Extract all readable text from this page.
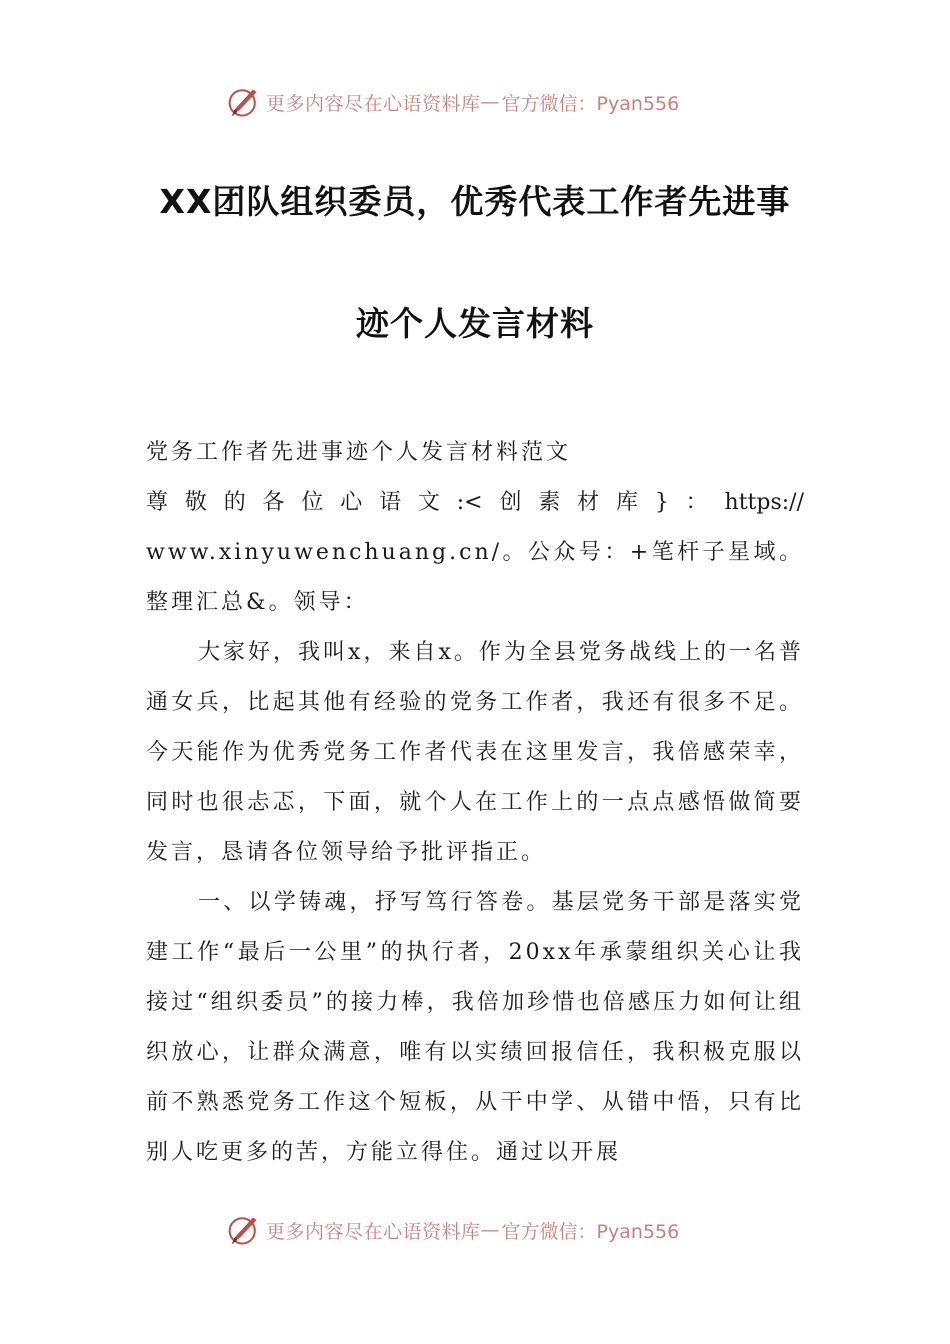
更多内容尽在心语资料库 — 官方微信：Pyan556
XX团队组织委员，优秀代表工作者先进事
迹个人发言材料

党务工作者先进事迹个人发言材料范文

尊敬的各位心语文:<创素材库}：https://

www.xinyuwenchuang.cn/。公众号：+笔杆子星域。整理汇总&。领导：

大家好，我叫x，来自x。作为全县党务战线上的一名普通女兵，比起其他有经验的党务工作者，我还有很多不足。今天能作为优秀党务工作者代表在这里发言，我倍感荣幸，同时也很忐忑，下面，就个人在工作上的一点点感悟做简要发言，恳请各位领导给予批评指正。

一、以学铸魂，抒写笃行答卷。基层党务干部是落实党建工作“最后一公里”的执行者，20xx年承蒙组织关心让我接过“组织委员”的接力棒，我倍加珍惜也倍感压力如何让组织放心，让群众满意，唯有以实绩回报信任，我积极克服以前不熟悉党务工作这个短板，从干中学、从错中悟，只有比别人吃更多的苦，方能立得住。通过以开展

更多内容尽在心语资料库 — 官方微信：Pyan556
